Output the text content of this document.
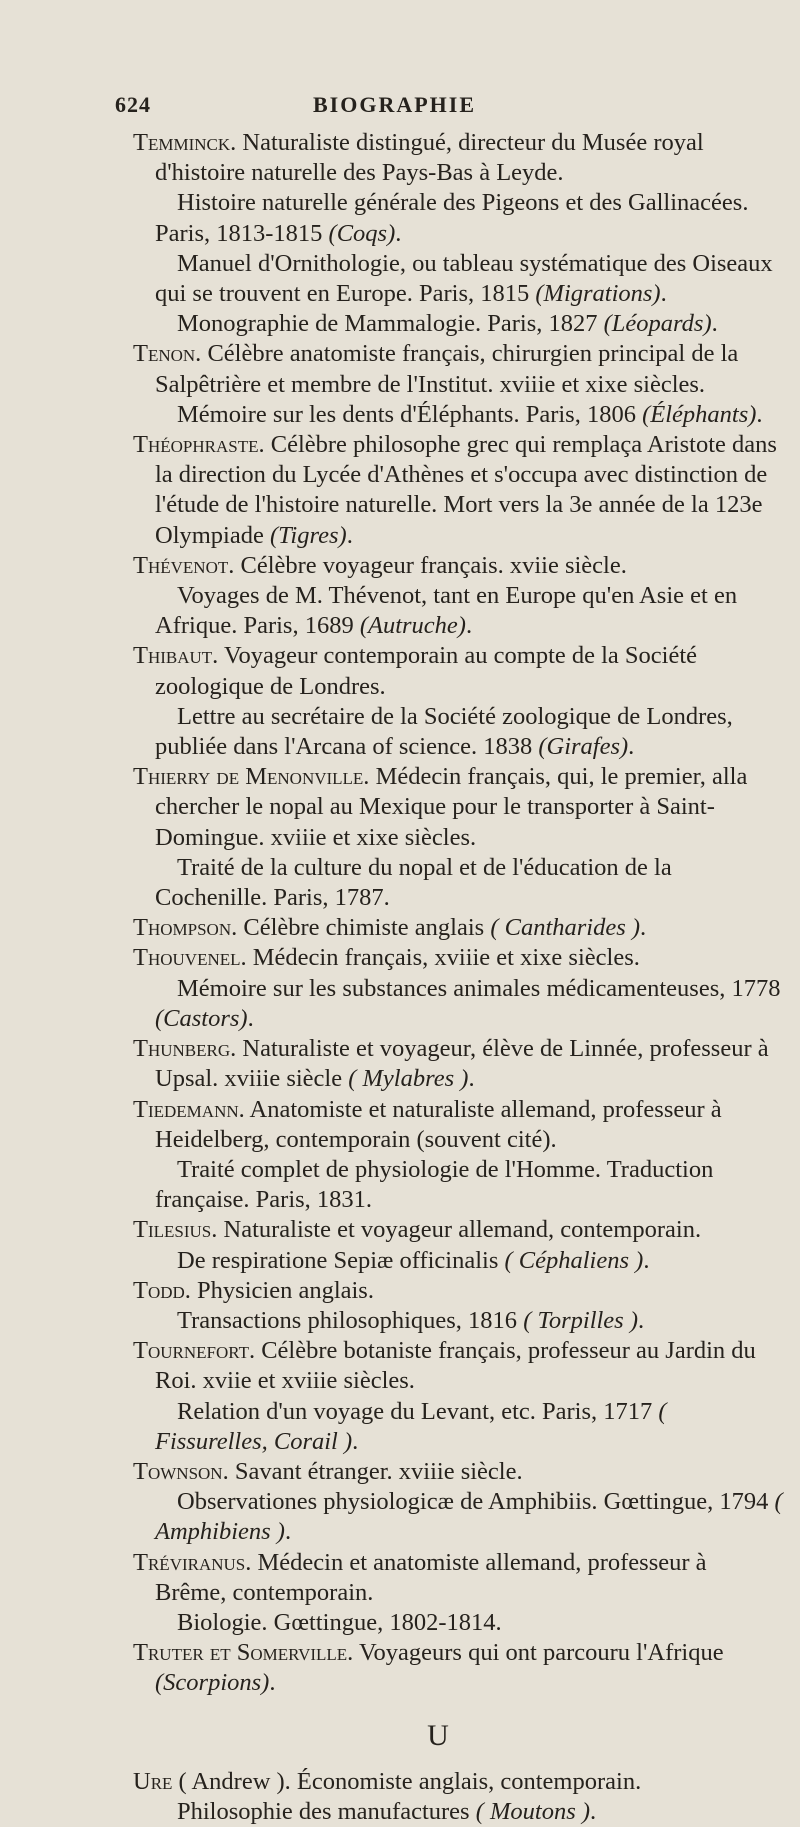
624	BIOGRAPHIE

Temminck. Naturaliste distingué, directeur du Musée royal d'histoire naturelle des Pays-Bas à Leyde.

Histoire naturelle générale des Pigeons et des Gallinacées. Paris, 1813-1815 (Coqs).

Manuel d'Ornithologie, ou tableau systématique des Oiseaux qui se trouvent en Europe. Paris, 1815 (Migrations).

Monographie de Mammalogie. Paris, 1827 (Léopards).

Tenon. Célèbre anatomiste français, chirurgien principal de la Salpêtrière et membre de l'Institut. xviiie et xixe siècles.

Mémoire sur les dents d'Éléphants. Paris, 1806 (Éléphants).

Théophraste. Célèbre philosophe grec qui remplaça Aristote dans la direction du Lycée d'Athènes et s'occupa avec distinction de l'étude de l'histoire naturelle. Mort vers la 3e année de la 123e Olympiade (Tigres).

Thévenot. Célèbre voyageur français. xviie siècle.

Voyages de M. Thévenot, tant en Europe qu'en Asie et en Afrique. Paris, 1689 (Autruche).

Thibaut. Voyageur contemporain au compte de la Société zoologique de Londres.

Lettre au secrétaire de la Société zoologique de Londres, publiée dans l'Arcana of science. 1838 (Girafes).

Thierry de Menonville. Médecin français, qui, le premier, alla chercher le nopal au Mexique pour le transporter à Saint-Domingue. xviiie et xixe siècles.

Traité de la culture du nopal et de l'éducation de la Cochenille. Paris, 1787.

Thompson. Célèbre chimiste anglais ( Cantharides ).

Thouvenel. Médecin français, xviiie et xixe siècles.

Mémoire sur les substances animales médicamenteuses, 1778 (Castors).

Thunberg. Naturaliste et voyageur, élève de Linnée, professeur à Upsal. xviiie siècle ( Mylabres ).

Tiedemann. Anatomiste et naturaliste allemand, professeur à Heidelberg, contemporain (souvent cité).

Traité complet de physiologie de l'Homme. Traduction française. Paris, 1831.

Tilesius. Naturaliste et voyageur allemand, contemporain.

De respiratione Sepiæ officinalis ( Céphaliens ).

Todd. Physicien anglais.

Transactions philosophiques, 1816 ( Torpilles ).

Tournefort. Célèbre botaniste français, professeur au Jardin du Roi. xviie et xviiie siècles.

Relation d'un voyage du Levant, etc. Paris, 1717 ( Fissurelles, Corail ).

Townson. Savant étranger. xviiie siècle.

Observationes physiologicæ de Amphibiis. Gœttingue, 1794 ( Amphibiens ).

Tréviranus. Médecin et anatomiste allemand, professeur à Brême, contemporain.

Biologie. Gœttingue, 1802-1814.

Truter et Somerville. Voyageurs qui ont parcouru l'Afrique (Scorpions).

U

Ure ( Andrew ). Économiste anglais, contemporain.

Philosophie des manufactures ( Moutons ).
